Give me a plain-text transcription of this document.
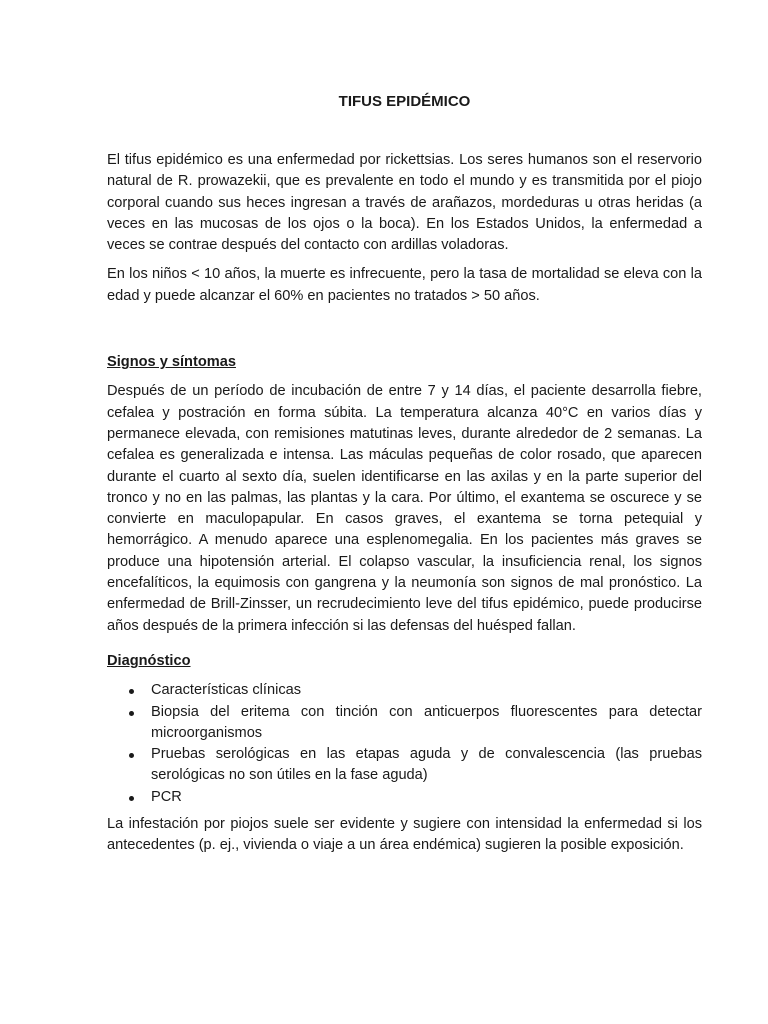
TIFUS EPIDÉMICO

El tifus epidémico es una enfermedad por rickettsias. Los seres humanos son el reservorio natural de R. prowazekii, que es prevalente en todo el mundo y es transmitida por el piojo corporal cuando sus heces ingresan a través de arañazos, mordeduras u otras heridas (a veces en las mucosas de los ojos o la boca). En los Estados Unidos, la enfermedad a veces se contrae después del contacto con ardillas voladoras.

En los niños < 10 años, la muerte es infrecuente, pero la tasa de mortalidad se eleva con la edad y puede alcanzar el 60% en pacientes no tratados > 50 años.

Signos y síntomas

Después de un período de incubación de entre 7 y 14 días, el paciente desarrolla fiebre, cefalea y postración en forma súbita. La temperatura alcanza 40°C en varios días y permanece elevada, con remisiones matutinas leves, durante alrededor de 2 semanas. La cefalea es generalizada e intensa. Las máculas pequeñas de color rosado, que aparecen durante el cuarto al sexto día, suelen identificarse en las axilas y en la parte superior del tronco y no en las palmas, las plantas y la cara. Por último, el exantema se oscurece y se convierte en maculopapular. En casos graves, el exantema se torna petequial y hemorrágico. A menudo aparece una esplenomegalia. En los pacientes más graves se produce una hipotensión arterial. El colapso vascular, la insuficiencia renal, los signos encefalíticos, la equimosis con gangrena y la neumonía son signos de mal pronóstico. La enfermedad de Brill-Zinsser, un recrudecimiento leve del tifus epidémico, puede producirse años después de la primera infección si las defensas del huésped fallan.

Diagnóstico
Características clínicas
Biopsia del eritema con tinción con anticuerpos fluorescentes para detectar microorganismos
Pruebas serológicas en las etapas aguda y de convalescencia (las pruebas serológicas no son útiles en la fase aguda)
PCR

La infestación por piojos suele ser evidente y sugiere con intensidad la enfermedad si los antecedentes (p. ej., vivienda o viaje a un área endémica) sugieren la posible exposición.
